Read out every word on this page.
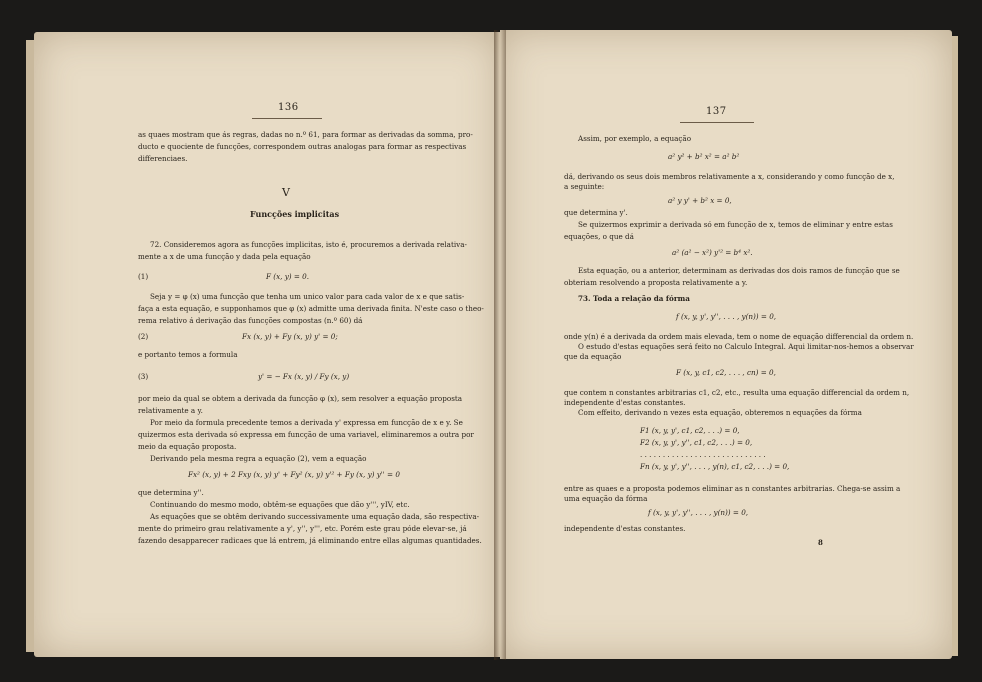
136
as quaes mostram que ás regras, dadas no n.º 61, para formar as derivadas da somma, pro-
ducto e quociente de funcções, correspondem outras analogas para formar as respectivas
differenciaes.
V
Funcções implicitas
72. Consideremos agora as funcções implicitas, isto é, procuremos a derivada relativa-
mente a x de uma funcção y dada pela equação
(1)	F (x, y) = 0.
Seja y = φ (x) uma funcção que tenha um unico valor para cada valor de x e que satis-
faça a esta equação, e supponhamos que φ (x) admitte uma derivada finita. N'este caso o theo-
rema relativo á derivação das funcções compostas (n.º 60) dá
(2)	Fx (x, y) + Fy (x, y) y' = 0;
e portanto temos a formula
(3)	y' = − Fx (x, y) / Fy (x, y)
por meio da qual se obtem a derivada da funcção φ (x), sem resolver a equação proposta
relativamente a y.
Por meio da formula precedente temos a derivada y' expressa em funcção de x e y. Se
quizermos esta derivada só expressa em funcção de uma variavel, eliminaremos a outra por
meio da equação proposta.
Derivando pela mesma regra a equação (2), vem a equação
Fx² (x, y) + 2 Fxy (x, y) y' + Fy² (x, y) y'² + Fy (x, y) y'' = 0
que determina y''.
Continuando do mesmo modo, obtêm-se equações que dão y''', yIV, etc.
As equações que se obtêm derivando successivamente uma equação dada, são respectiva-
mente do primeiro grau relativamente a y', y'', y''', etc. Porém este grau póde elevar-se, já
fazendo desapparecer radicaes que lá entrem, já eliminando entre ellas algumas quantidades.
137
Assim, por exemplo, a equação
a² y² + b² x² = a² b²
dá, derivando os seus dois membros relativamente a x, considerando y como funcção de x,
a seguinte:
a² y y' + b² x = 0,
que determina y'.
Se quizermos exprimir a derivada só em funcção de x, temos de eliminar y entre estas
equações, o que dá
a² (a² − x²) y'² = b⁴ x².
Esta equação, ou a anterior, determinam as derivadas dos dois ramos de funcção que se
obteriam resolvendo a proposta relativamente a y.
73. Toda a relação da fórma
f (x, y, y', y'', . . . , y(n)) = 0,
onde y(n) é a derivada da ordem mais elevada, tem o nome de equação differencial da ordem n.
O estudo d'estas equações será feito no Calculo Integral. Aqui limitar-nos-hemos a observar
que da equação
F (x, y, c1, c2, . . . , cn) = 0,
que contem n constantes arbitrarias c1, c2, etc., resulta uma equação differencial da ordem n,
independente d'estas constantes.
Com effeito, derivando n vezes esta equação, obteremos n equações da fórma
F1 (x, y, y', c1, c2, . . .) = 0,
F2 (x, y, y', y'', c1, c2, . . .) = 0,
. . . . . . . . . . . . . . . . . . . . . . . . . . . .
Fn (x, y, y', y'', . . . , y(n), c1, c2, . . .) = 0,
entre as quaes e a proposta podemos eliminar as n constantes arbitrarias. Chega-se assim a
uma equação da fórma
f (x, y, y', y'', . . . , y(n)) = 0,
independente d'estas constantes.
8
